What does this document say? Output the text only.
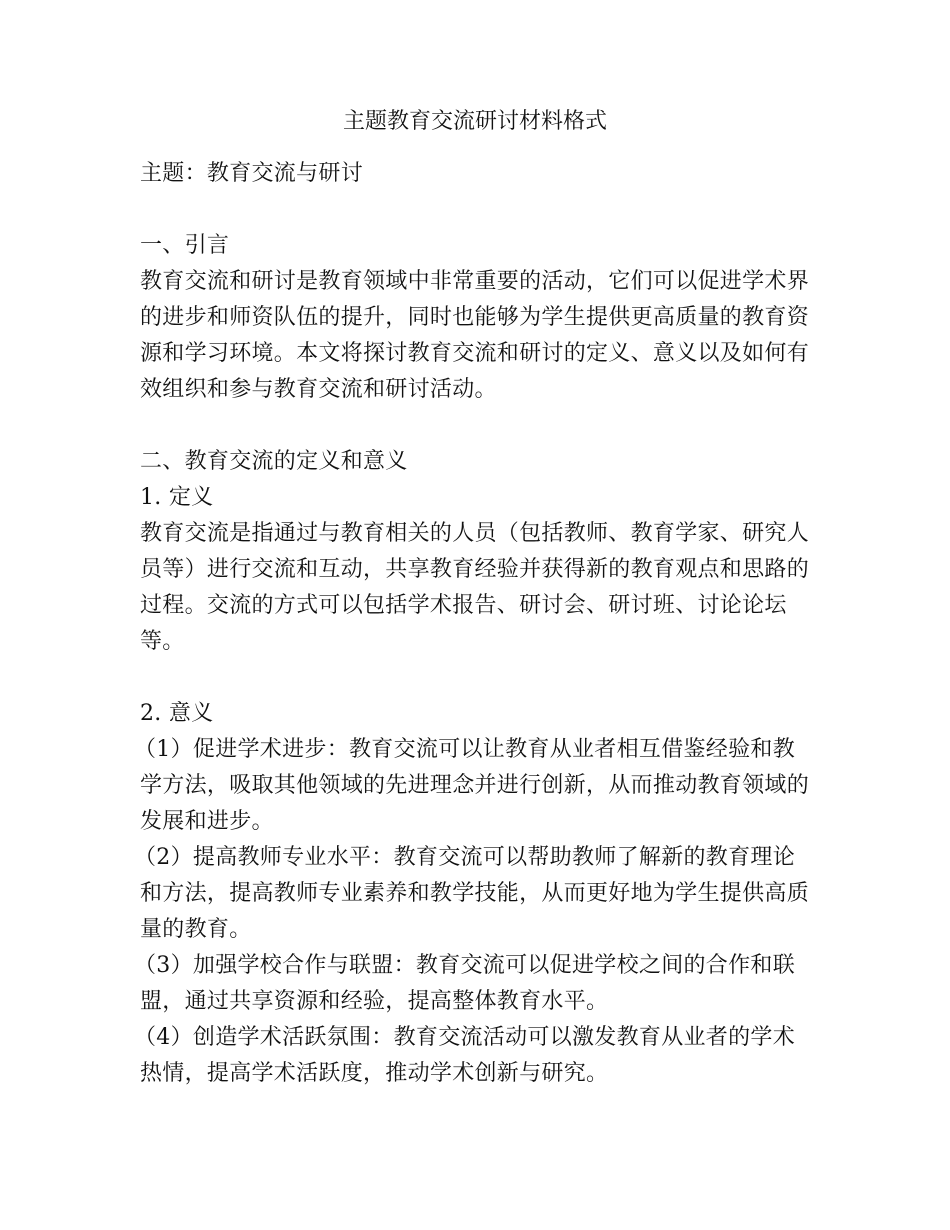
主题教育交流研讨材料格式

主题：教育交流与研讨

一、引言

教育交流和研讨是教育领域中非常重要的活动，它们可以促进学术界的进步和师资队伍的提升，同时也能够为学生提供更高质量的教育资源和学习环境。本文将探讨教育交流和研讨的定义、意义以及如何有效组织和参与教育交流和研讨活动。

二、教育交流的定义和意义

1. 定义

教育交流是指通过与教育相关的人员（包括教师、教育学家、研究人员等）进行交流和互动，共享教育经验并获得新的教育观点和思路的过程。交流的方式可以包括学术报告、研讨会、研讨班、讨论论坛等。

2. 意义

（1）促进学术进步：教育交流可以让教育从业者相互借鉴经验和教学方法，吸取其他领域的先进理念并进行创新，从而推动教育领域的发展和进步。

（2）提高教师专业水平：教育交流可以帮助教师了解新的教育理论和方法，提高教师专业素养和教学技能，从而更好地为学生提供高质量的教育。

（3）加强学校合作与联盟：教育交流可以促进学校之间的合作和联盟，通过共享资源和经验，提高整体教育水平。

（4）创造学术活跃氛围：教育交流活动可以激发教育从业者的学术热情，提高学术活跃度，推动学术创新与研究。
